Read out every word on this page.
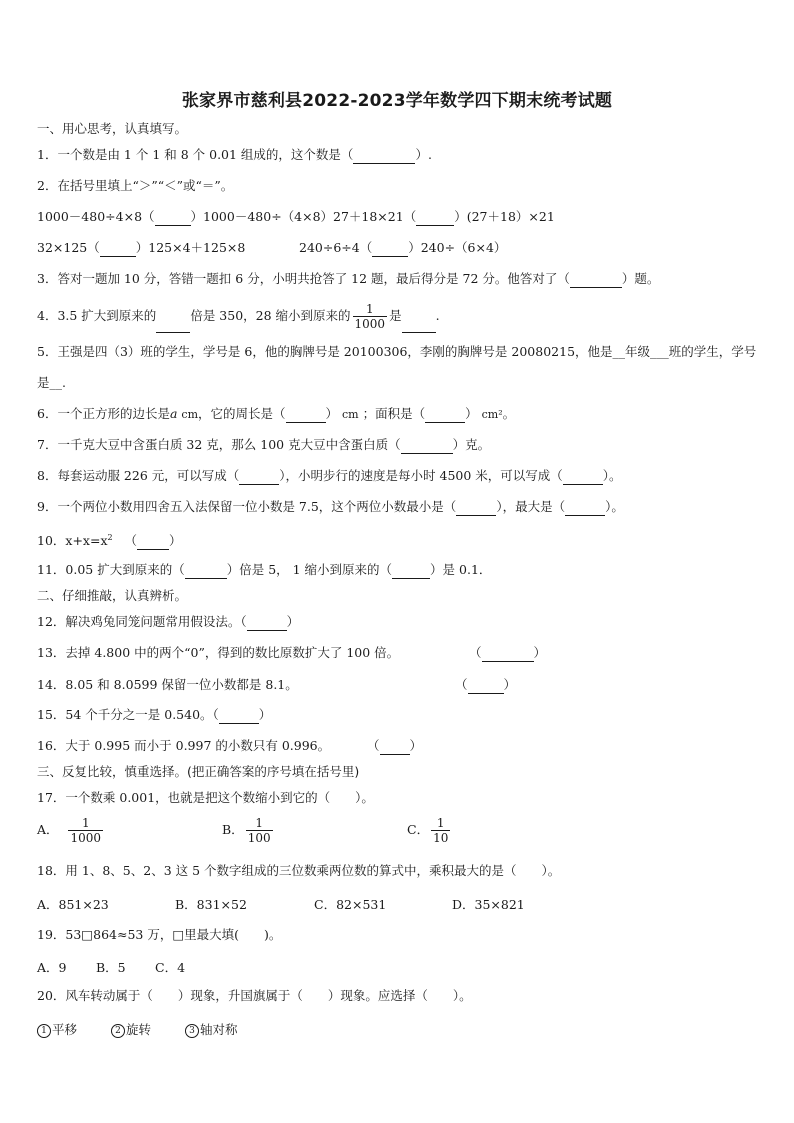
张家界市慈利县2022-2023学年数学四下期末统考试题
一、用心思考，认真填写。
1．一个数是由 1 个 1 和 8 个 0.01 组成的，这个数是（	）.
2．在括号里填上“＞”“＜”或“＝”。
1000－480÷4×8（	）1000－480÷（4×8） 27＋18×21（	）(27＋18）×21
32×125（	）125×4＋125×8	240÷6÷4（	）240÷（6×4）
3．答对一题加 10 分，答错一题扣 6 分，小明共抢答了 12 题，最后得分是 72 分。他答对了（	）题。
4．3.5 扩大到原来的	倍是 350，28 缩小到原来的 $\frac{1}{1000}$ 是	.
5．王强是四（3）班的学生，学号是 6，他的胸牌号是 20100306，李刚的胸牌号是 20080215，他是__年级___班的学生，学号是__.
6．一个正方形的边长是a cm，它的周长是（	） cm ；面积是（	） cm²。
7．一千克大豆中含蛋白质 32 克，那么 100 克大豆中含蛋白质（	）克。
8．每套运动服 226 元，可以写成（	），小明步行的速度是每小时 4500 米，可以写成（	）。
9．一个两位小数用四舍五入法保留一位小数是 7.5，这个两位小数最小是（	），最大是（	）。
10．$x+x=x^2$ （	）
11．0.05 扩大到原来的（	）倍是 5， 1 缩小到原来的（	）是 0.1．
二、仔细推敲，认真辨析。
12．解决鸡兔同笼问题常用假设法。（	）
13．去掉 4.800 中的两个“0”，得到的数比原数扩大了 100 倍。	（	）
14．8.05 和 8.0599 保留一位小数都是 8.1。	（	）
15．54 个千分之一是 0.540。（	）
16．大于 0.995 而小于 0.997 的小数只有 0.996。	（ ）
三、反复比较，慎重选择。(把正确答案的序号填在括号里)
17．一个数乘 0.001，也就是把这个数缩小到它的（　　）。
A． $\frac{1}{1000}$	B． $\frac{1}{100}$	C． $\frac{1}{10}$
18．用 1、8、5、2、3 这 5 个数字组成的三位数乘两位数的算式中，乘积最大的是（　　）。
A．851×23	B．831×52	C．82×531	D．35×821
19．53□864≈53 万，□里最大填(　　)。
A．9 B．5 C．4
20．风车转动属于（　　）现象，升国旗属于（　　）现象。应选择（　　）。
1 平移	2 旋转	3 轴对称
